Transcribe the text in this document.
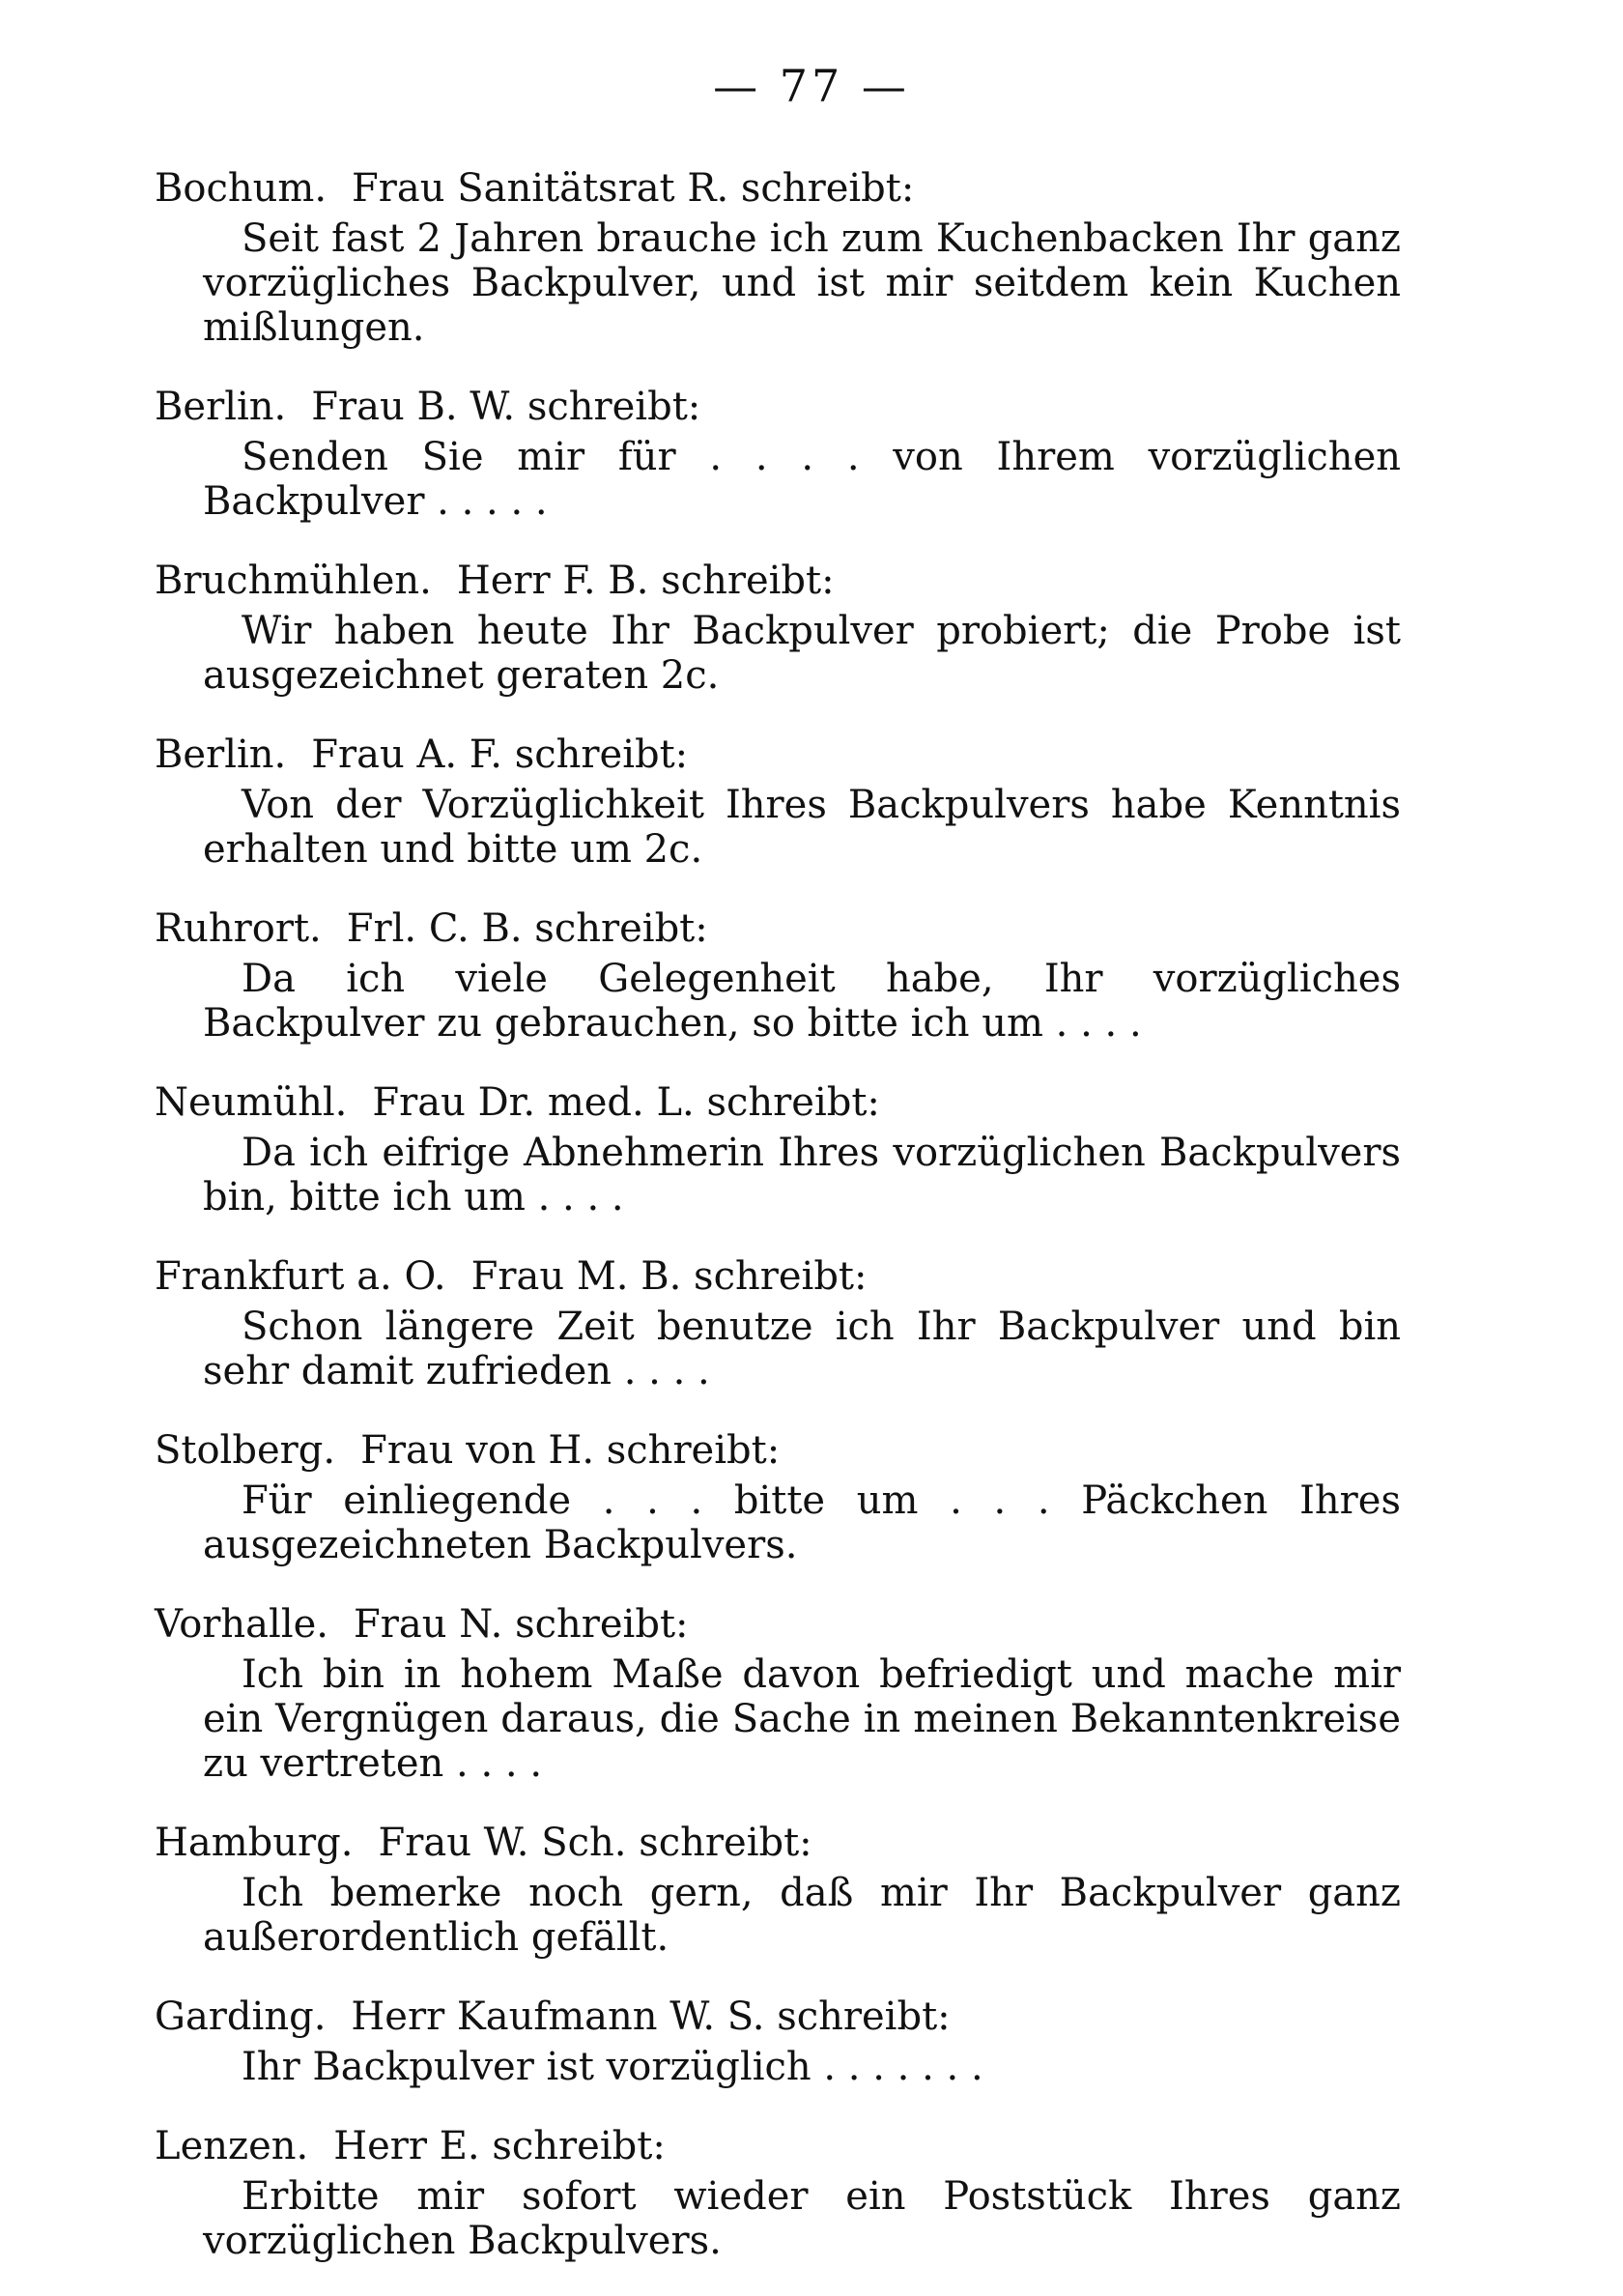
— 77 —

Bochum. Frau Sanitätsrat R. schreibt:

Seit fast 2 Jahren brauche ich zum Kuchenbacken Ihr ganz vorzügliches Backpulver, und ist mir seitdem kein Kuchen mißlungen.

Berlin. Frau B. W. schreibt:

Senden Sie mir für . . . . von Ihrem vorzüglichen Backpulver . . . . .

Bruchmühlen. Herr F. B. schreibt:

Wir haben heute Ihr Backpulver probiert; die Probe ist ausgezeichnet geraten 2c.

Berlin. Frau A. F. schreibt:

Von der Vorzüglichkeit Ihres Backpulvers habe Kenntnis erhalten und bitte um 2c.

Ruhrort. Frl. C. B. schreibt:

Da ich viele Gelegenheit habe, Ihr vorzügliches Backpulver zu gebrauchen, so bitte ich um . . . .

Neumühl. Frau Dr. med. L. schreibt:

Da ich eifrige Abnehmerin Ihres vorzüglichen Backpulvers bin, bitte ich um . . . .

Frankfurt a. O. Frau M. B. schreibt:

Schon längere Zeit benutze ich Ihr Backpulver und bin sehr damit zufrieden . . . .

Stolberg. Frau von H. schreibt:

Für einliegende . . . bitte um . . . Päckchen Ihres ausgezeichneten Backpulvers.

Vorhalle. Frau N. schreibt:

Ich bin in hohem Maße davon befriedigt und mache mir ein Vergnügen daraus, die Sache in meinen Bekanntenkreise zu vertreten . . . .

Hamburg. Frau W. Sch. schreibt:

Ich bemerke noch gern, daß mir Ihr Backpulver ganz außerordentlich gefällt.

Garding. Herr Kaufmann W. S. schreibt:

Ihr Backpulver ist vorzüglich . . . . . . .

Lenzen. Herr E. schreibt:

Erbitte mir sofort wieder ein Poststück Ihres ganz vorzüglichen Backpulvers.
